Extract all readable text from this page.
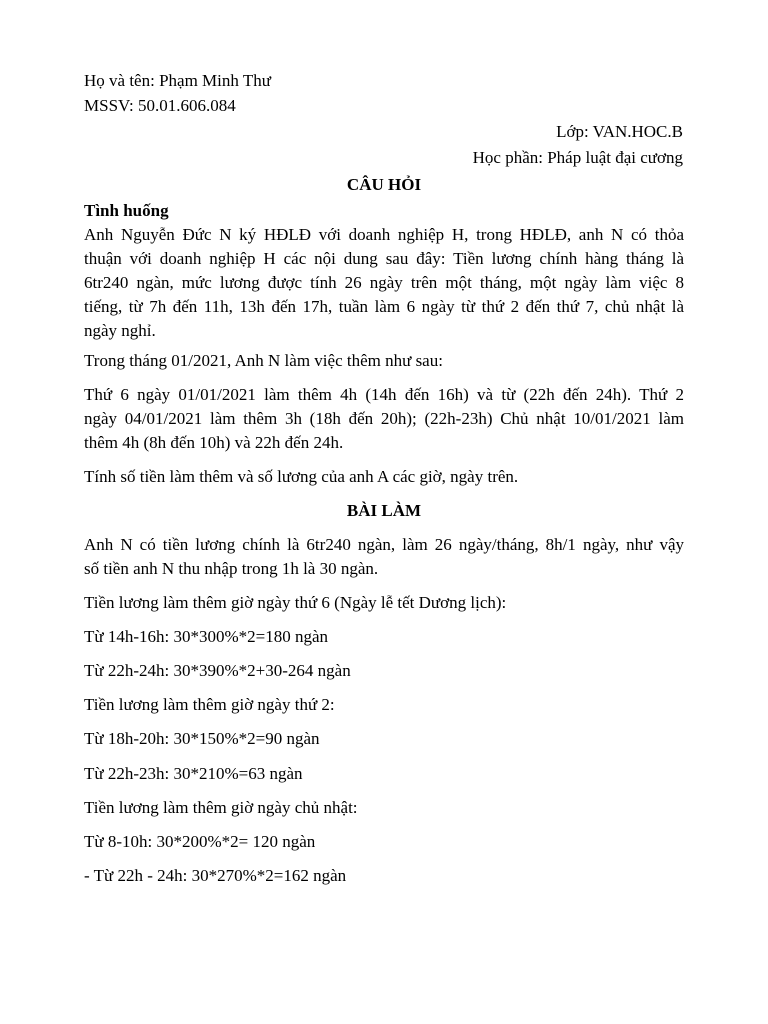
Họ và tên: Phạm Minh Thư
MSSV: 50.01.606.084
Lớp: VAN.HOC.B
Học phần: Pháp luật đại cương
CÂU HỎI
Tình huống
Anh Nguyễn Đức N ký HĐLĐ với doanh nghiệp H, trong HĐLĐ, anh N có thỏa
thuận với doanh nghiệp H các nội dung sau đây: Tiền lương chính hàng tháng là
6tr240 ngàn, mức lương được tính 26 ngày trên một tháng, một ngày làm việc 8
tiếng, từ 7h đến 11h, 13h đến 17h, tuần làm 6 ngày từ thứ 2 đến thứ 7, chủ nhật là
ngày nghỉ.
Trong tháng 01/2021, Anh N làm việc thêm như sau:
Thứ 6 ngày 01/01/2021 làm thêm 4h (14h đến 16h) và từ (22h đến 24h). Thứ 2
ngày 04/01/2021 làm thêm 3h (18h đến 20h); (22h-23h) Chủ nhật 10/01/2021 làm
thêm 4h (8h đến 10h) và 22h đến 24h.
Tính số tiền làm thêm và số lương của anh A các giờ, ngày trên.
BÀI LÀM
Anh N có tiền lương chính là 6tr240 ngàn, làm 26 ngày/tháng, 8h/1 ngày, như vậy
số tiền anh N thu nhập trong 1h là 30 ngàn.
Tiền lương làm thêm giờ ngày thứ 6 (Ngày lễ tết Dương lịch):
Từ 14h-16h: 30*300%*2=180 ngàn
Từ 22h-24h: 30*390%*2+30-264 ngàn
Tiền lương làm thêm giờ ngày thứ 2:
Từ 18h-20h: 30*150%*2=90 ngàn
Từ 22h-23h: 30*210%=63 ngàn
Tiền lương làm thêm giờ ngày chủ nhật:
Từ 8-10h: 30*200%*2= 120 ngàn
- Từ 22h - 24h: 30*270%*2=162 ngàn
